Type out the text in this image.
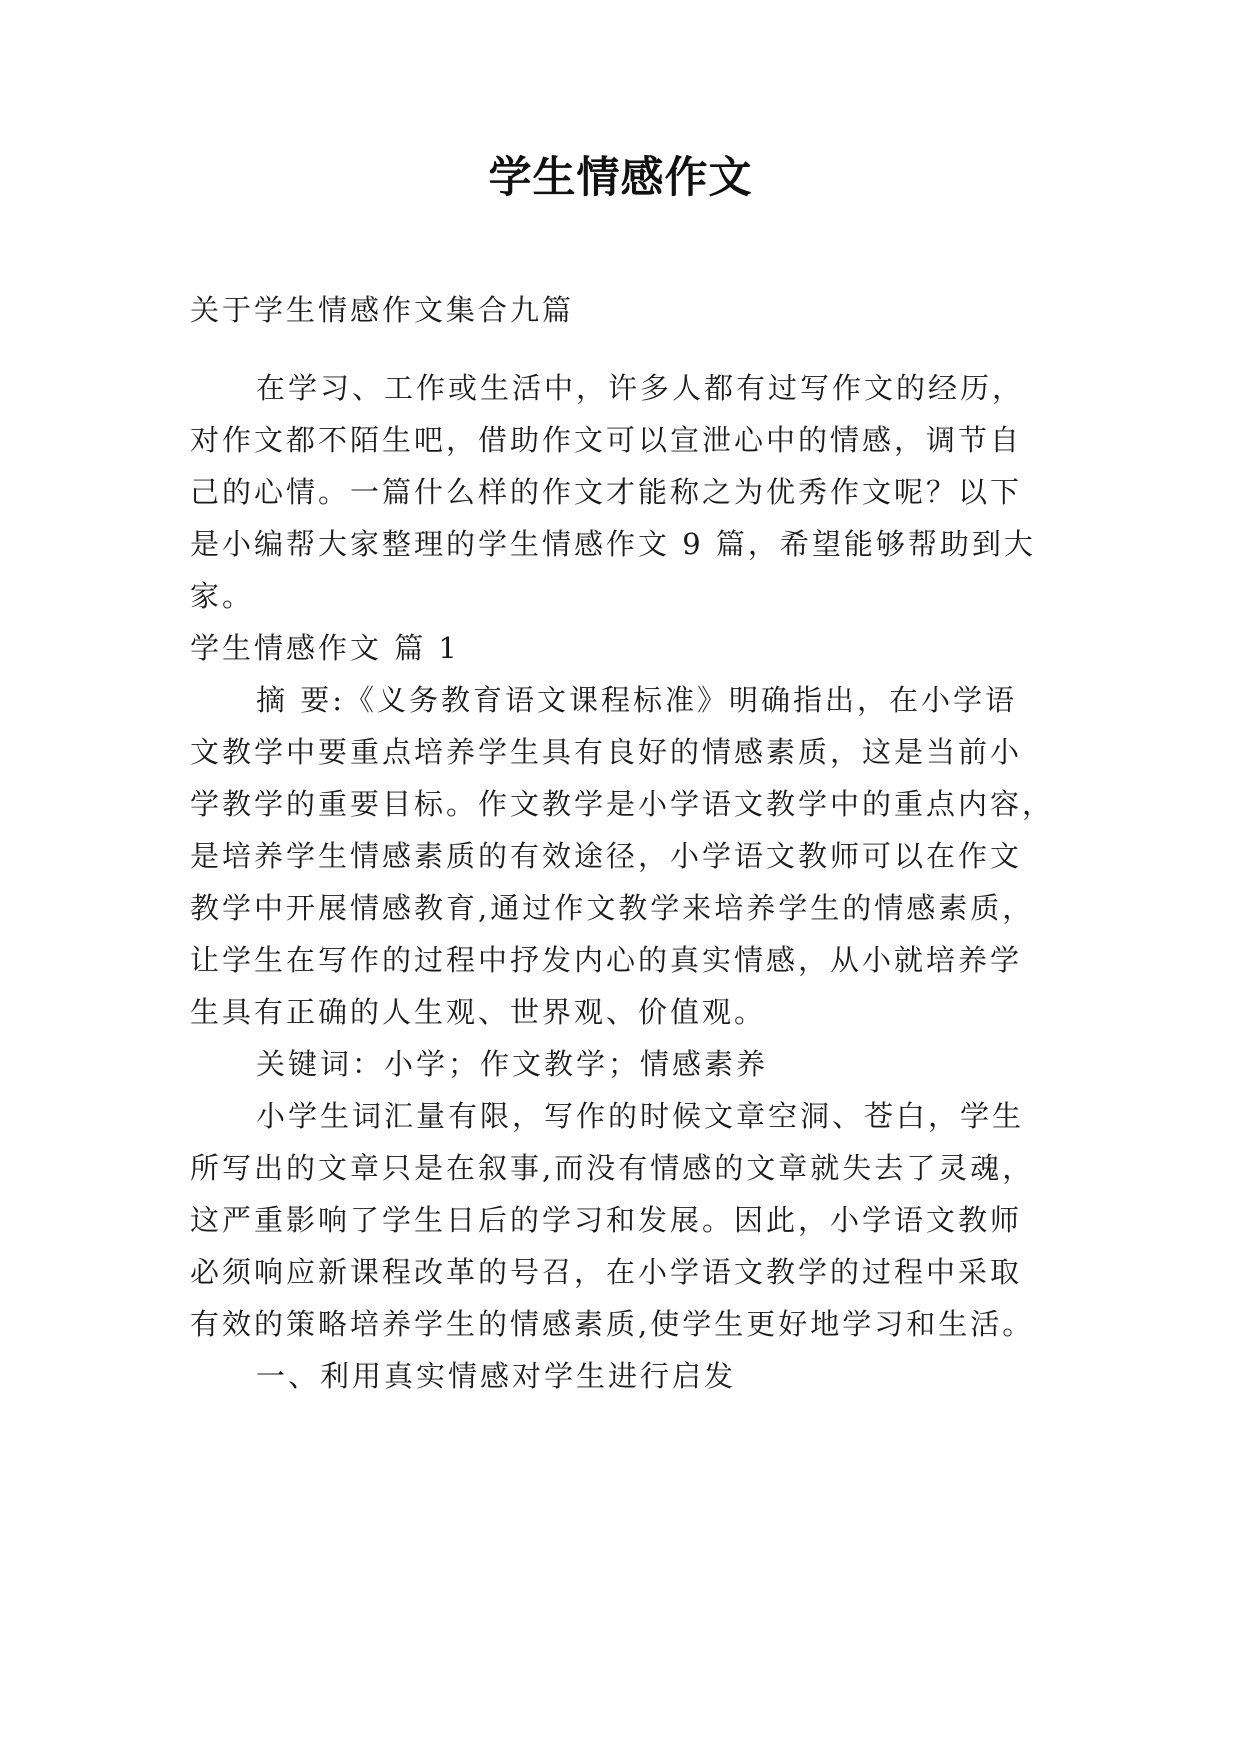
学生情感作文
关于学生情感作文集合九篇
在学习、工作或生活中，许多人都有过写作文的经历，
对作文都不陌生吧，借助作文可以宣泄心中的情感，调节自
己的心情。一篇什么样的作文才能称之为优秀作文呢？以下
是小编帮大家整理的学生情感作文 9 篇，希望能够帮助到大
家。
学生情感作文 篇 1
摘 要:《义务教育语文课程标准》明确指出，在小学语
文教学中要重点培养学生具有良好的情感素质，这是当前小
学教学的重要目标。作文教学是小学语文教学中的重点内容，
是培养学生情感素质的有效途径，小学语文教师可以在作文
教学中开展情感教育,通过作文教学来培养学生的情感素质，
让学生在写作的过程中抒发内心的真实情感，从小就培养学
生具有正确的人生观、世界观、价值观。
关键词：小学；作文教学；情感素养
小学生词汇量有限，写作的时候文章空洞、苍白，学生
所写出的文章只是在叙事,而没有情感的文章就失去了灵魂，
这严重影响了学生日后的学习和发展。因此，小学语文教师
必须响应新课程改革的号召，在小学语文教学的过程中采取
有效的策略培养学生的情感素质,使学生更好地学习和生活。
一、利用真实情感对学生进行启发
